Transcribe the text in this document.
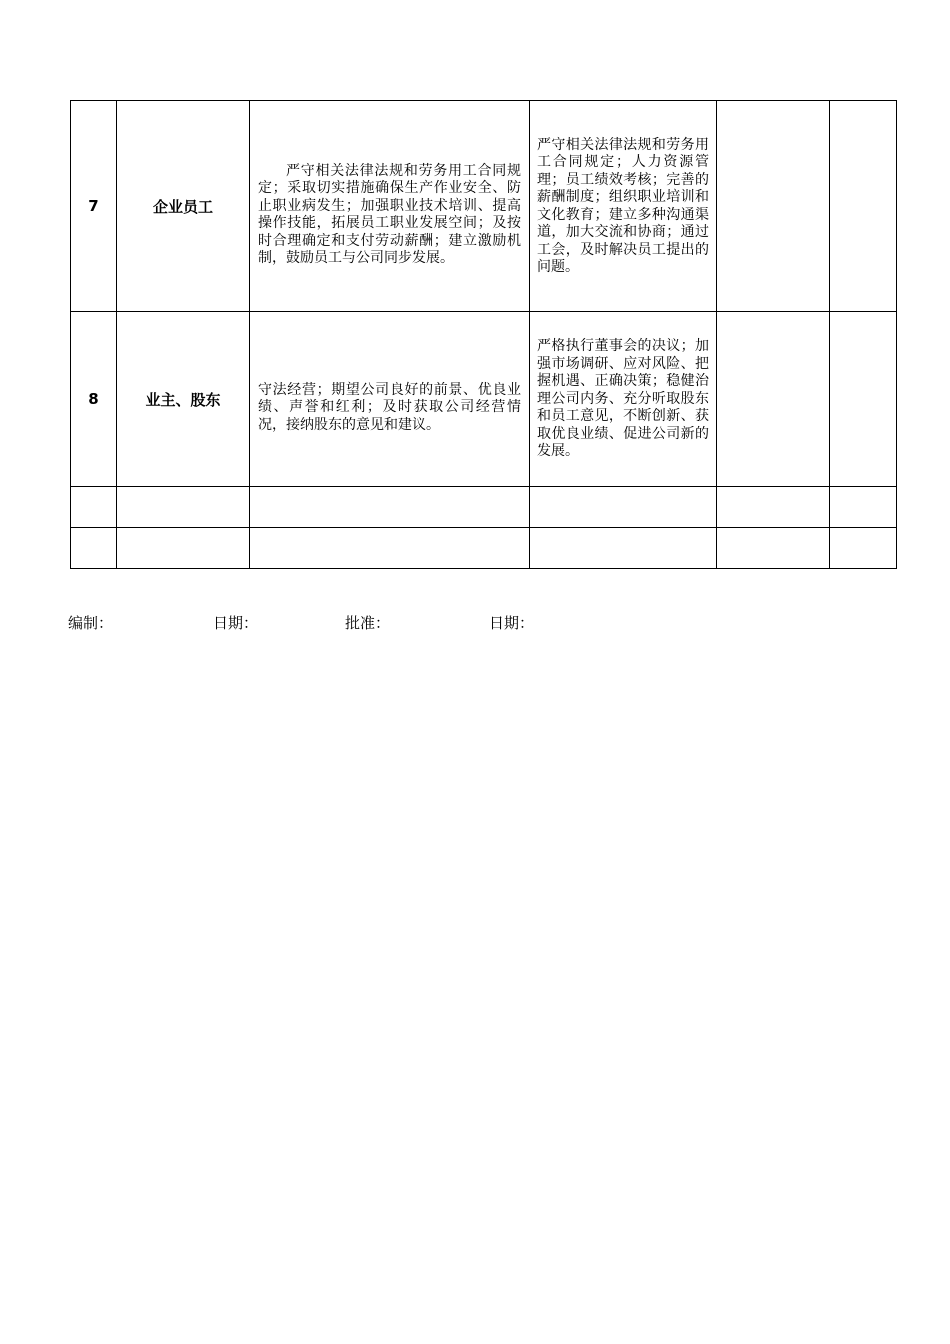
7	企业员工	严守相关法律法规和劳务用工合同规定；采取切实措施确保生产作业安全、防止职业病发生；加强职业技术培训、提高操作技能，拓展员工职业发展空间；及按时合理确定和支付劳动薪酬；建立激励机制，鼓励员工与公司同步发展。	严守相关法律法规和劳务用工合同规定；人力资源管理；员工绩效考核；完善的薪酬制度；组织职业培训和文化教育；建立多种沟通渠道，加大交流和协商；通过工会，及时解决员工提出的问题。		

8	业主、股东	守法经营；期望公司良好的前景、优良业绩、声誉和红利；及时获取公司经营情况，接纳股东的意见和建议。	严格执行董事会的决议；加强市场调研、应对风险、把握机遇、正确决策；稳健治理公司内务、充分听取股东和员工意见，不断创新、获取优良业绩、促进公司新的发展。		

编制：	日期：	批准：	日期：
